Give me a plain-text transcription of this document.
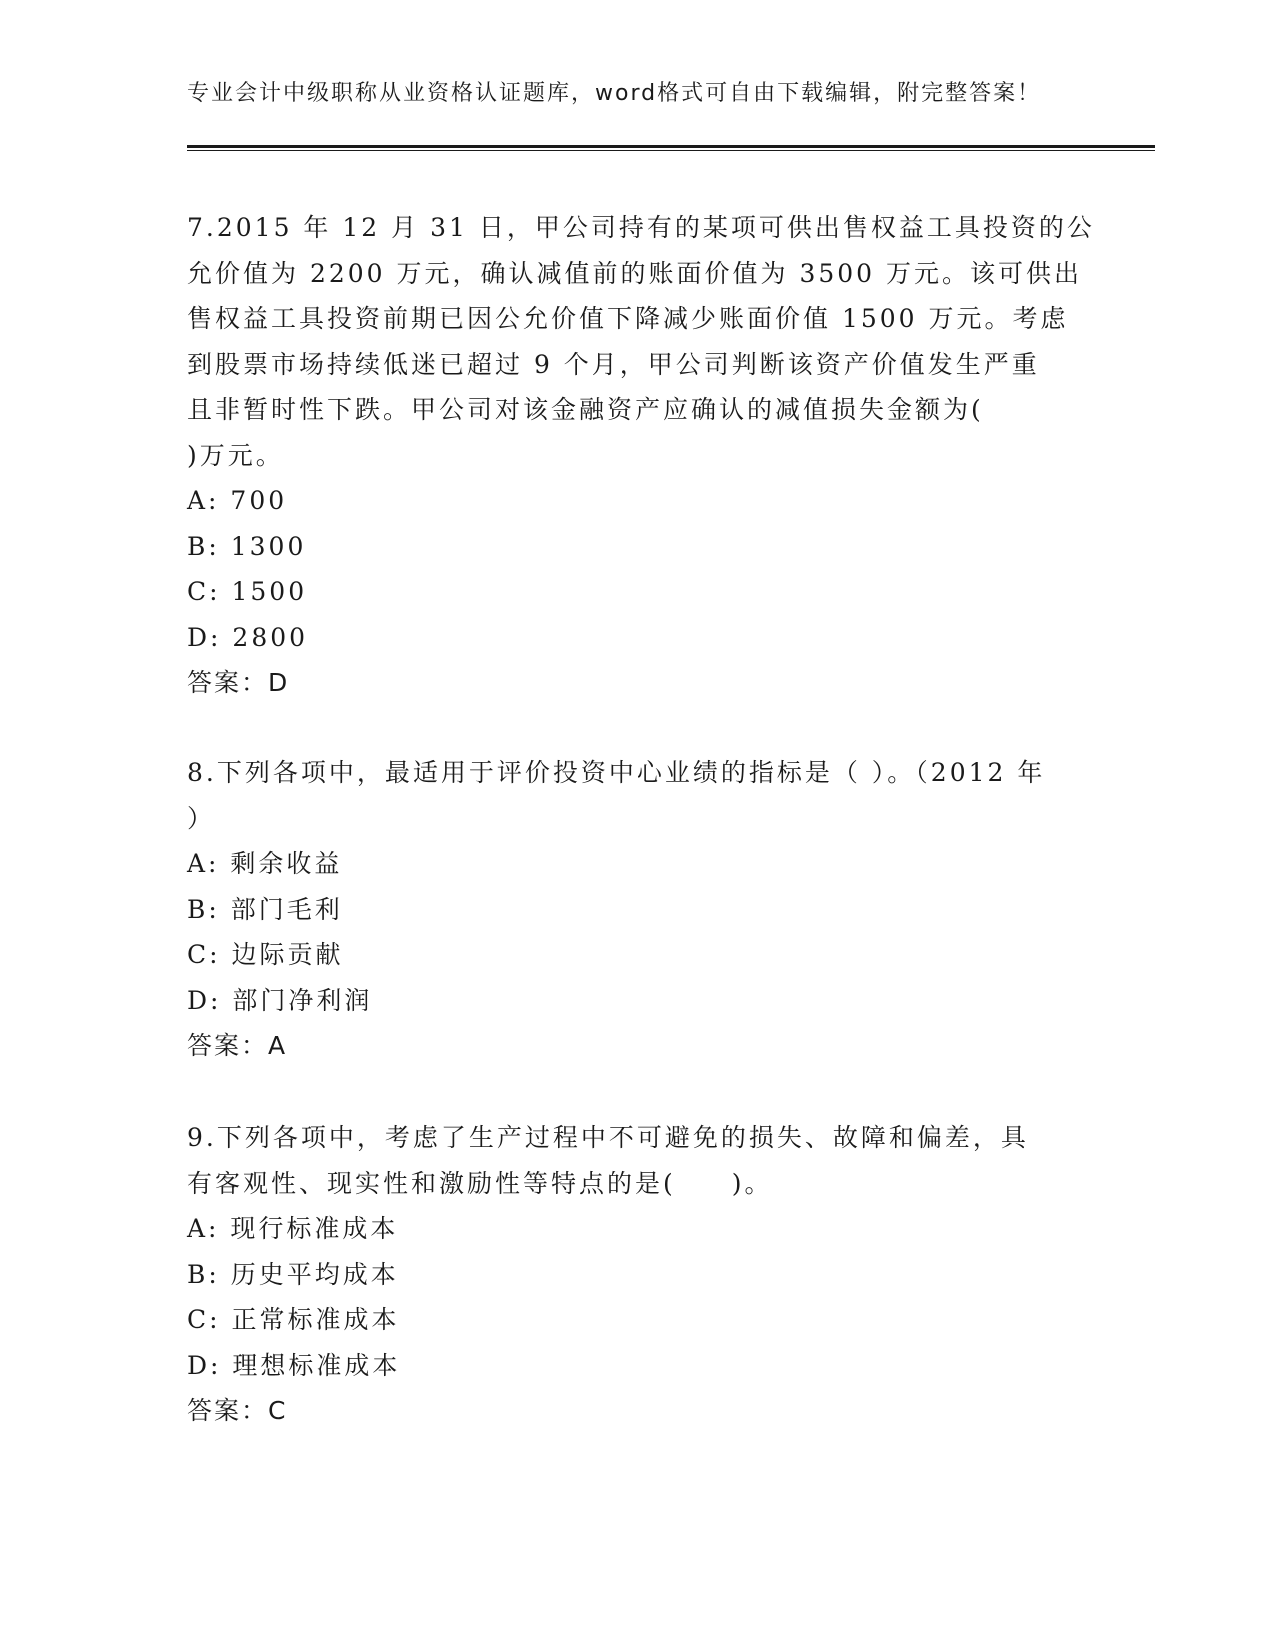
专业会计中级职称从业资格认证题库，word格式可自由下载编辑，附完整答案！
7.2015 年 12 月 31 日，甲公司持有的某项可供出售权益工具投资的公
允价值为 2200 万元，确认减值前的账面价值为 3500 万元。该可供出
售权益工具投资前期已因公允价值下降减少账面价值 1500 万元。考虑
到股票市场持续低迷已超过 9 个月，甲公司判断该资产价值发生严重
且非暂时性下跌。甲公司对该金融资产应确认的减值损失金额为(
)万元。
A: 700
B: 1300
C: 1500
D: 2800
答案：D
8.下列各项中，最适用于评价投资中心业绩的指标是（ ）。（2012 年
）
A: 剩余收益
B: 部门毛利
C: 边际贡献
D: 部门净利润
答案：A
9.下列各项中，考虑了生产过程中不可避免的损失、故障和偏差，具
有客观性、现实性和激励性等特点的是(　　)。
A: 现行标准成本
B: 历史平均成本
C: 正常标准成本
D: 理想标准成本
答案：C
